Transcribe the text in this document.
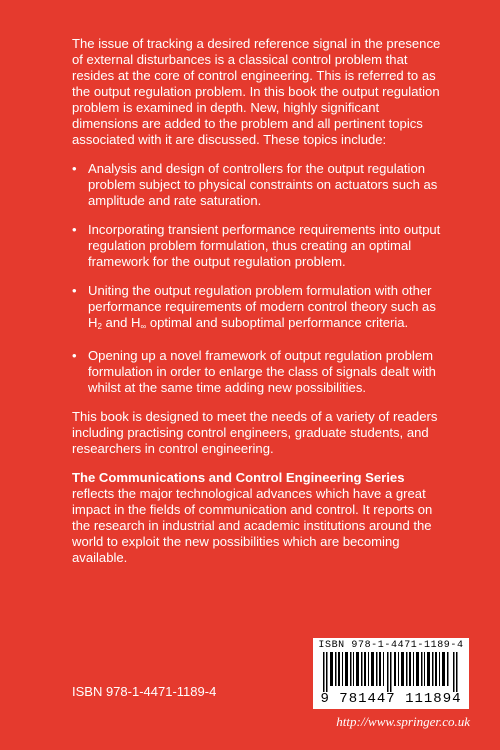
The issue of tracking a desired reference signal in the presence of external disturbances is a classical control problem that resides at the core of control engineering. This is referred to as the output regulation problem. In this book the output regulation problem is examined in depth. New, highly significant dimensions are added to the problem and all pertinent topics associated with it are discussed. These topics include:

• Analysis and design of controllers for the output regulation problem subject to physical constraints on actuators such as amplitude and rate saturation.
• Incorporating transient performance requirements into output regulation problem formulation, thus creating an optimal framework for the output regulation problem.
• Uniting the output regulation problem formulation with other performance requirements of modern control theory such as $H_2$ and $H_\infty$ optimal and suboptimal performance criteria.
• Opening up a novel framework of output regulation problem formulation in order to enlarge the class of signals dealt with whilst at the same time adding new possibilities.

This book is designed to meet the needs of a variety of readers including practising control engineers, graduate students, and researchers in control engineering.

The Communications and Control Engineering Series reflects the major technological advances which have a great impact in the fields of communication and control. It reports on the research in industrial and academic institutions around the world to exploit the new possibilities which are becoming available.

ISBN 978-1-4471-1189-4
ISBN 978-1-4471-1189-4
9 781447 111894
http://www.springer.co.uk
